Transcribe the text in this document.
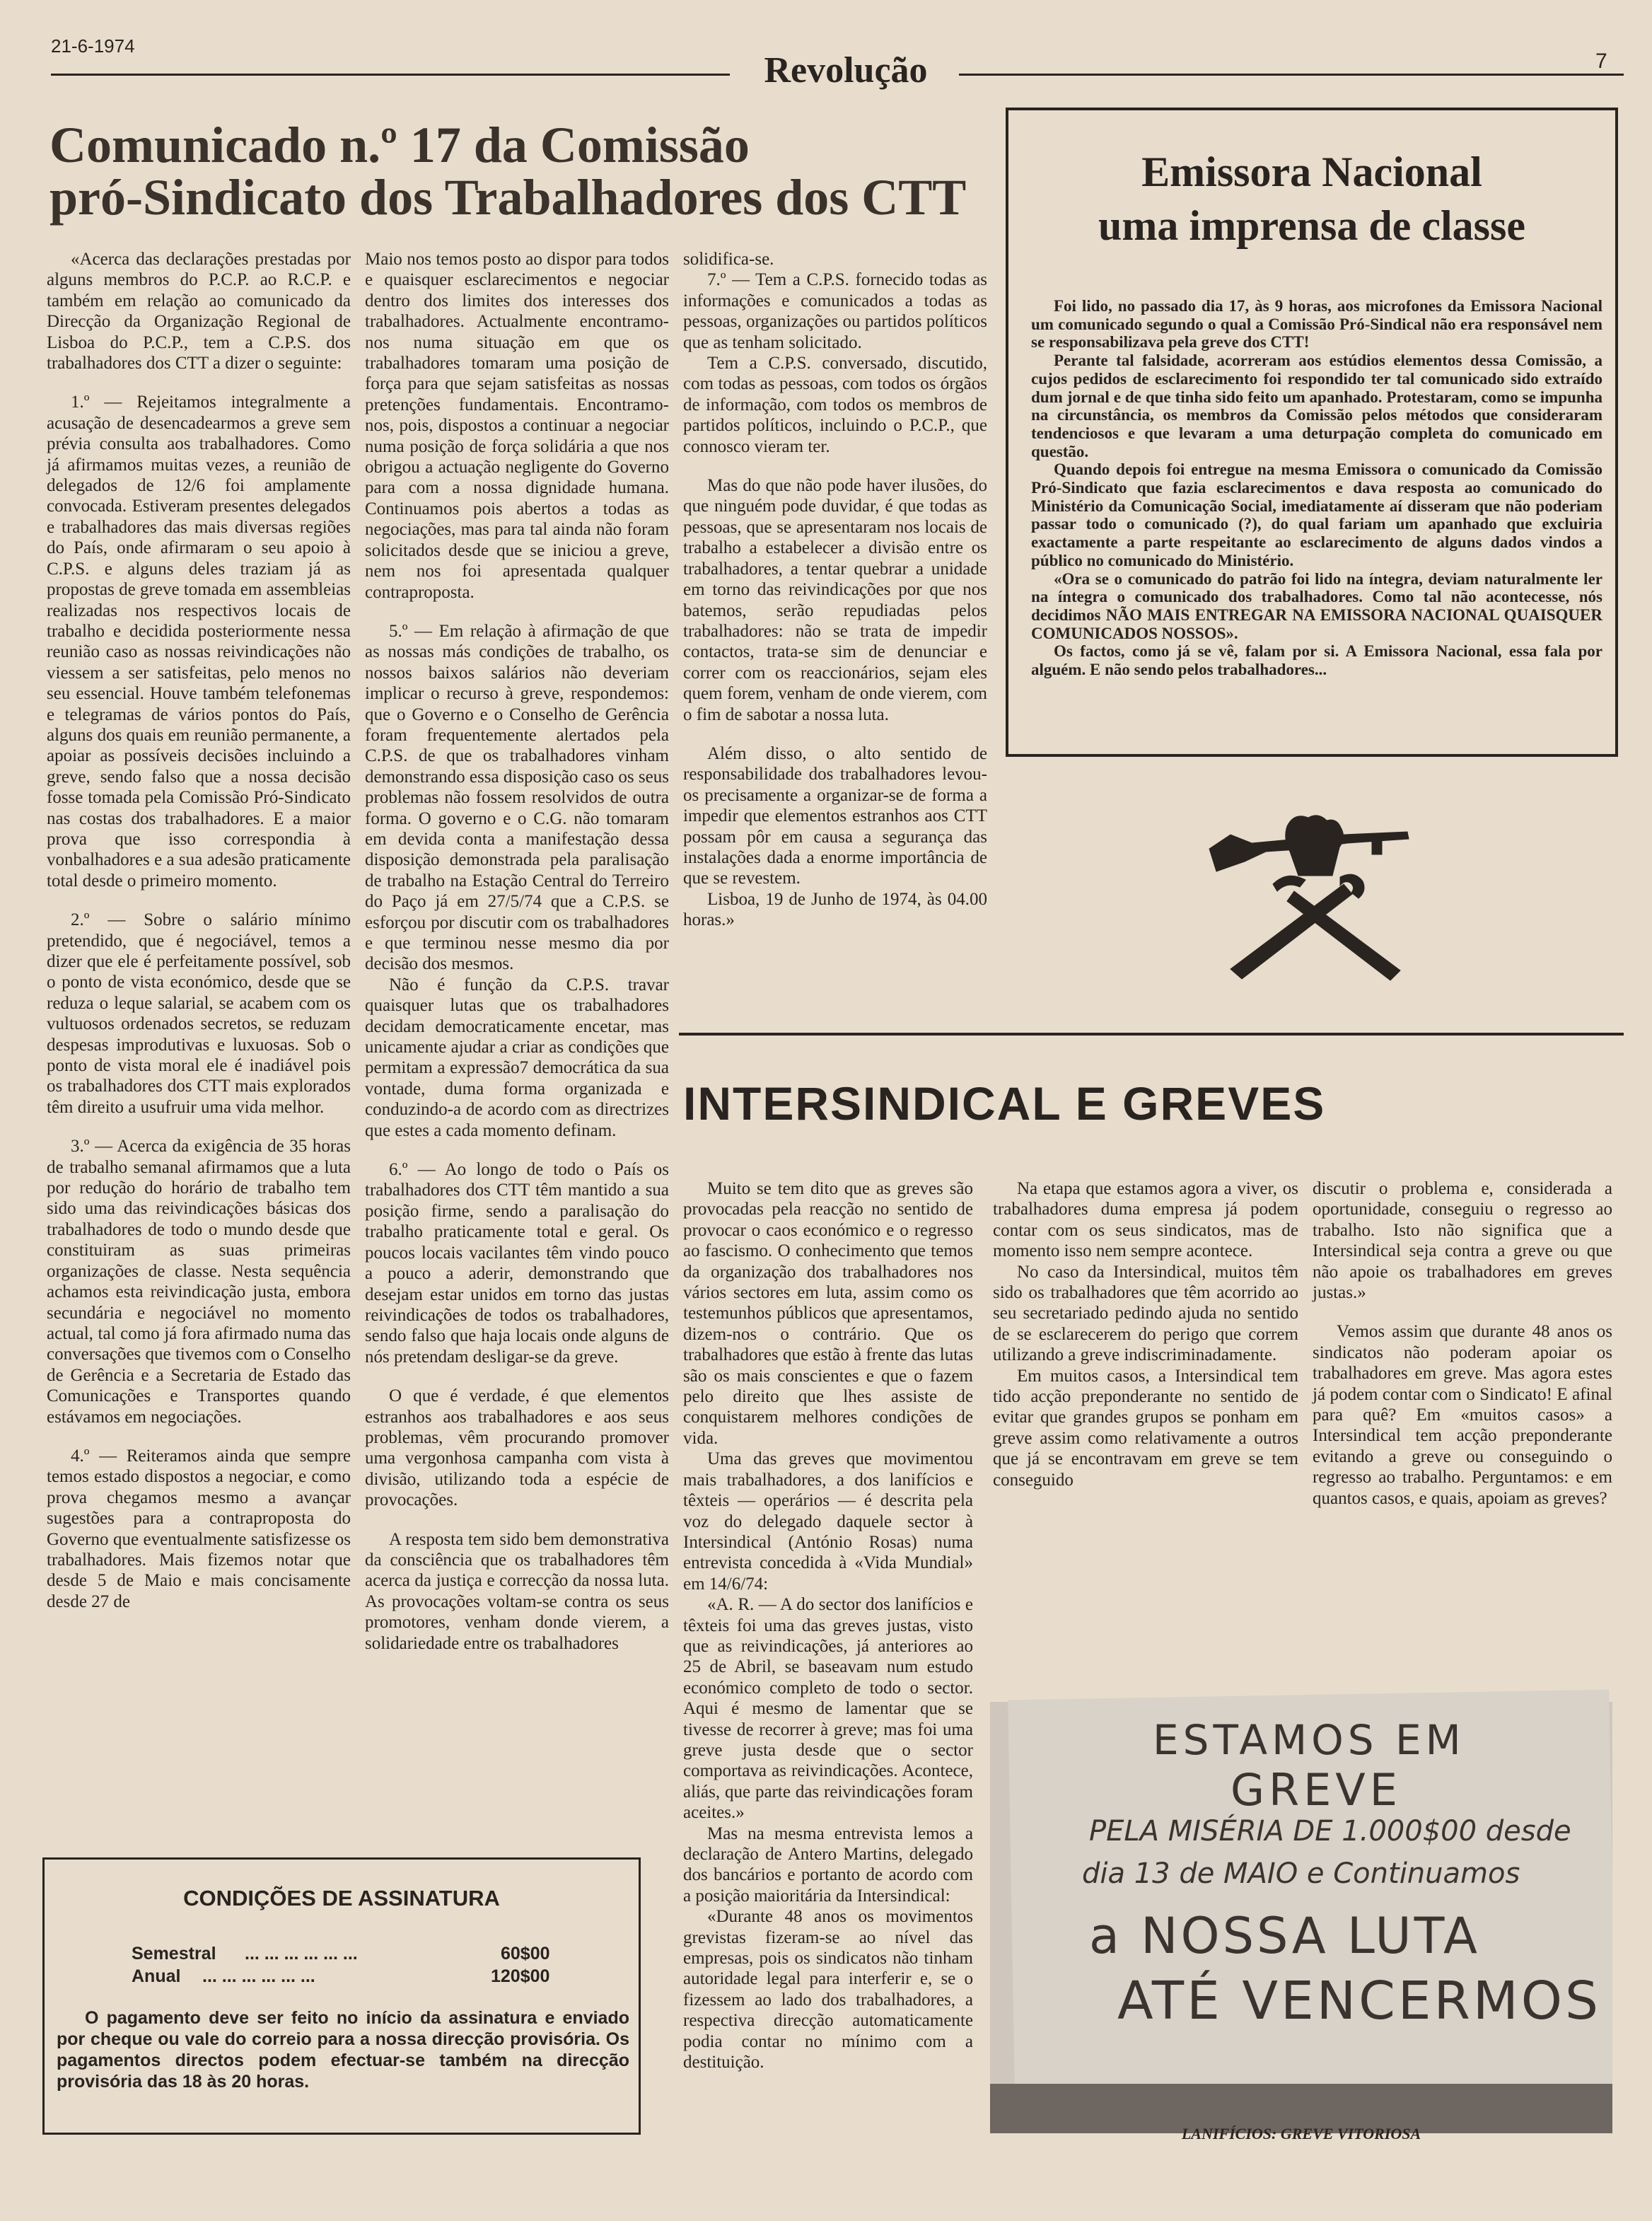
21-6-1974
Revolução	7
Comunicado n.º 17 da Comissão
pró-Sindicato dos Trabalhadores dos CTT

«Acerca das declarações prestadas por alguns membros do P.C.P. ao R.C.P. e também em relação ao comunicado da Direcção da Organização Regional de Lisboa do P.C.P., tem a C.P.S. dos trabalhadores dos CTT a dizer o seguinte:

1.º — Rejeitamos integralmente a acusação de desencadearmos a greve sem prévia consulta aos trabalhadores. Como já afirmamos muitas vezes, a reunião de delegados de 12/6 foi amplamente convocada. Estiveram presentes delegados e trabalhadores das mais diversas regiões do País, onde afirmaram o seu apoio à C.P.S. e alguns deles traziam já as propostas de greve tomada em assembleias realizadas nos respectivos locais de trabalho e decidida posteriormente nessa reunião caso as nossas reivindicações não viessem a ser satisfeitas, pelo menos no seu essencial. Houve também telefonemas e telegramas de vários pontos do País, alguns dos quais em reunião permanente, a apoiar as possíveis decisões incluindo a greve, sendo falso que a nossa decisão fosse tomada pela Comissão Pró-Sindicato nas costas dos trabalhadores. E a maior prova que isso correspondia à vonbalhadores e a sua adesão praticamente total desde o primeiro momento.

2.º — Sobre o salário mínimo pretendido, que é negociável, temos a dizer que ele é perfeitamente possível, sob o ponto de vista económico, desde que se reduza o leque salarial, se acabem com os vultuosos ordenados secretos, se reduzam despesas improdutivas e luxuosas. Sob o ponto de vista moral ele é inadiável pois os trabalhadores dos CTT mais explorados têm direito a usufruir uma vida melhor.

3.º — Acerca da exigência de 35 horas de trabalho semanal afirmamos que a luta por redução do horário de trabalho tem sido uma das reivindicações básicas dos trabalhadores de todo o mundo desde que constituiram as suas primeiras organizações de classe. Nesta sequência achamos esta reivindicação justa, embora secundária e negociável no momento actual, tal como já fora afirmado numa das conversações que tivemos com o Conselho de Gerência e a Secretaria de Estado das Comunicações e Transportes quando estávamos em negociações.

4.º — Reiteramos ainda que sempre temos estado dispostos a negociar, e como prova chegamos mesmo a avançar sugestões para a contraproposta do Governo que eventualmente satisfizesse os trabalhadores. Mais fizemos notar que desde 5 de Maio e mais concisamente desde 27 de

Maio nos temos posto ao dispor para todos e quaisquer esclarecimentos e negociar dentro dos limites dos interesses dos trabalhadores. Actualmente encontramo-nos numa situação em que os trabalhadores tomaram uma posição de força para que sejam satisfeitas as nossas pretenções fundamentais. Encontramo-nos, pois, dispostos a continuar a negociar numa posição de força solidária a que nos obrigou a actuação negligente do Governo para com a nossa dignidade humana. Continuamos pois abertos a todas as negociações, mas para tal ainda não foram solicitados desde que se iniciou a greve, nem nos foi apresentada qualquer contraproposta.

5.º — Em relação à afirmação de que as nossas más condições de trabalho, os nossos baixos salários não deveriam implicar o recurso à greve, respondemos: que o Governo e o Conselho de Gerência foram frequentemente alertados pela C.P.S. de que os trabalhadores vinham demonstrando essa disposição caso os seus problemas não fossem resolvidos de outra forma. O governo e o C.G. não tomaram em devida conta a manifestação dessa disposição demonstrada pela paralisação de trabalho na Estação Central do Terreiro do Paço já em 27/5/74 que a C.P.S. se esforçou por discutir com os trabalhadores e que terminou nesse mesmo dia por decisão dos mesmos.

Não é função da C.P.S. travar quaisquer lutas que os trabalhadores decidam democraticamente encetar, mas unicamente ajudar a criar as condições que permitam a expressão7 democrática da sua vontade, duma forma organizada e conduzindo-a de acordo com as directrizes que estes a cada momento definam.

6.º — Ao longo de todo o País os trabalhadores dos CTT têm mantido a sua posição firme, sendo a paralisação do trabalho praticamente total e geral. Os poucos locais vacilantes têm vindo pouco a pouco a aderir, demonstrando que desejam estar unidos em torno das justas reivindicações de todos os trabalhadores, sendo falso que haja locais onde alguns de nós pretendam desligar-se da greve.

O que é verdade, é que elementos estranhos aos trabalhadores e aos seus problemas, vêm procurando promover uma vergonhosa campanha com vista à divisão, utilizando toda a espécie de provocações.

A resposta tem sido bem demonstrativa da consciência que os trabalhadores têm acerca da justiça e correcção da nossa luta. As provocações voltam-se contra os seus promotores, venham donde vierem, a solidariedade entre os trabalhadores

solidifica-se.

7.º — Tem a C.P.S. fornecido todas as informações e comunicados a todas as pessoas, organizações ou partidos políticos que as tenham solicitado.

Tem a C.P.S. conversado, discutido, com todas as pessoas, com todos os órgãos de informação, com todos os membros de partidos políticos, incluindo o P.C.P., que connosco vieram ter.

Mas do que não pode haver ilusões, do que ninguém pode duvidar, é que todas as pessoas, que se apresentaram nos locais de trabalho a estabelecer a divisão entre os trabalhadores, a tentar quebrar a unidade em torno das reivindicações por que nos batemos, serão repudiadas pelos trabalhadores: não se trata de impedir contactos, trata-se sim de denunciar e correr com os reaccionários, sejam eles quem forem, venham de onde vierem, com o fim de sabotar a nossa luta.

Além disso, o alto sentido de responsabilidade dos trabalhadores levou-os precisamente a organizar-se de forma a impedir que elementos estranhos aos CTT possam pôr em causa a segurança das instalações dada a enorme importância de que se revestem.

Lisboa, 19 de Junho de 1974, às 04.00 horas.»

Emissora Nacional
uma imprensa de classe

Foi lido, no passado dia 17, às 9 horas, aos microfones da Emissora Nacional um comunicado segundo o qual a Comissão Pró-Sindical não era responsável nem se responsabilizava pela greve dos CTT!

Perante tal falsidade, acorreram aos estúdios elementos dessa Comissão, a cujos pedidos de esclarecimento foi respondido ter tal comunicado sido extraído dum jornal e de que tinha sido feito um apanhado. Protestaram, como se impunha na circunstância, os membros da Comissão pelos métodos que consideraram tendenciosos e que levaram a uma deturpação completa do comunicado em questão.

Quando depois foi entregue na mesma Emissora o comunicado da Comissão Pró-Sindicato que fazia esclarecimentos e dava resposta ao comunicado do Ministério da Comunicação Social, imediatamente aí disseram que não poderiam passar todo o comunicado (?), do qual fariam um apanhado que excluiria exactamente a parte respeitante ao esclarecimento de alguns dados vindos a público no comunicado do Ministério.

«Ora se o comunicado do patrão foi lido na íntegra, deviam naturalmente ler na íntegra o comunicado dos trabalhadores. Como tal não acontecesse, nós decidimos NÃO MAIS ENTREGAR NA EMISSORA NACIONAL QUAISQUER COMUNICADOS NOSSOS».

Os factos, como já se vê, falam por si. A Emissora Nacional, essa fala por alguém. E não sendo pelos trabalhadores...

INTERSINDICAL E GREVES

Muito se tem dito que as greves são provocadas pela reacção no sentido de provocar o caos económico e o regresso ao fascismo. O conhecimento que temos da organização dos trabalhadores nos vários sectores em luta, assim como os testemunhos públicos que apresentamos, dizem-nos o contrário. Que os trabalhadores que estão à frente das lutas são os mais conscientes e que o fazem pelo direito que lhes assiste de conquistarem melhores condições de vida.

Uma das greves que movimentou mais trabalhadores, a dos lanifícios e têxteis — operários — é descrita pela voz do delegado daquele sector à Intersindical (António Rosas) numa entrevista concedida à «Vida Mundial» em 14/6/74:

«A. R. — A do sector dos lanifícios e têxteis foi uma das greves justas, visto que as reivindicações, já anteriores ao 25 de Abril, se baseavam num estudo económico completo de todo o sector. Aqui é mesmo de lamentar que se tivesse de recorrer à greve; mas foi uma greve justa desde que o sector comportava as reivindicações. Acontece, aliás, que parte das reivindicações foram aceites.»

Mas na mesma entrevista lemos a declaração de Antero Martins, delegado dos bancários e portanto de acordo com a posição maioritária da Intersindical:

«Durante 48 anos os movimentos grevistas fizeram-se ao nível das empresas, pois os sindicatos não tinham autoridade legal para interferir e, se o fizessem ao lado dos trabalhadores, a respectiva direcção automaticamente podia contar no mínimo com a destituição.

Na etapa que estamos agora a viver, os trabalhadores duma empresa já podem contar com os seus sindicatos, mas de momento isso nem sempre acontece.

No caso da Intersindical, muitos têm sido os trabalhadores que têm acorrido ao seu secretariado pedindo ajuda no sentido de se esclarecerem do perigo que correm utilizando a greve indiscriminadamente.

Em muitos casos, a Intersindical tem tido acção preponderante no sentido de evitar que grandes grupos se ponham em greve assim como relativamente a outros que já se encontravam em greve se tem conseguido

discutir o problema e, considerada a oportunidade, conseguiu o regresso ao trabalho. Isto não significa que a Intersindical seja contra a greve ou que não apoie os trabalhadores em greves justas.»

Vemos assim que durante 48 anos os sindicatos não poderam apoiar os trabalhadores em greve. Mas agora estes já podem contar com o Sindicato! E afinal para quê? Em «muitos casos» a Intersindical tem acção preponderante evitando a greve ou conseguindo o regresso ao trabalho. Perguntamos: e em quantos casos, e quais, apoiam as greves?

CONDIÇÕES DE ASSINATURA
Semestral ... ... ... ... ... ...	60$00
Anual ... ... ... ... ... ...	120$00

O pagamento deve ser feito no início da assinatura e enviado por cheque ou vale do correio para a nossa direcção provisória. Os pagamentos directos podem efectuar-se também na direcção provisória das 18 às 20 horas.

ESTAMOS EM
GREVE
PELA MISÉRIA DE 1.000$00 desde
dia 13 de MAIO e Continuamos
a NOSSA LUTA
ATÉ VENCERMOS
LANIFÍCIOS: GREVE VITORIOSA
